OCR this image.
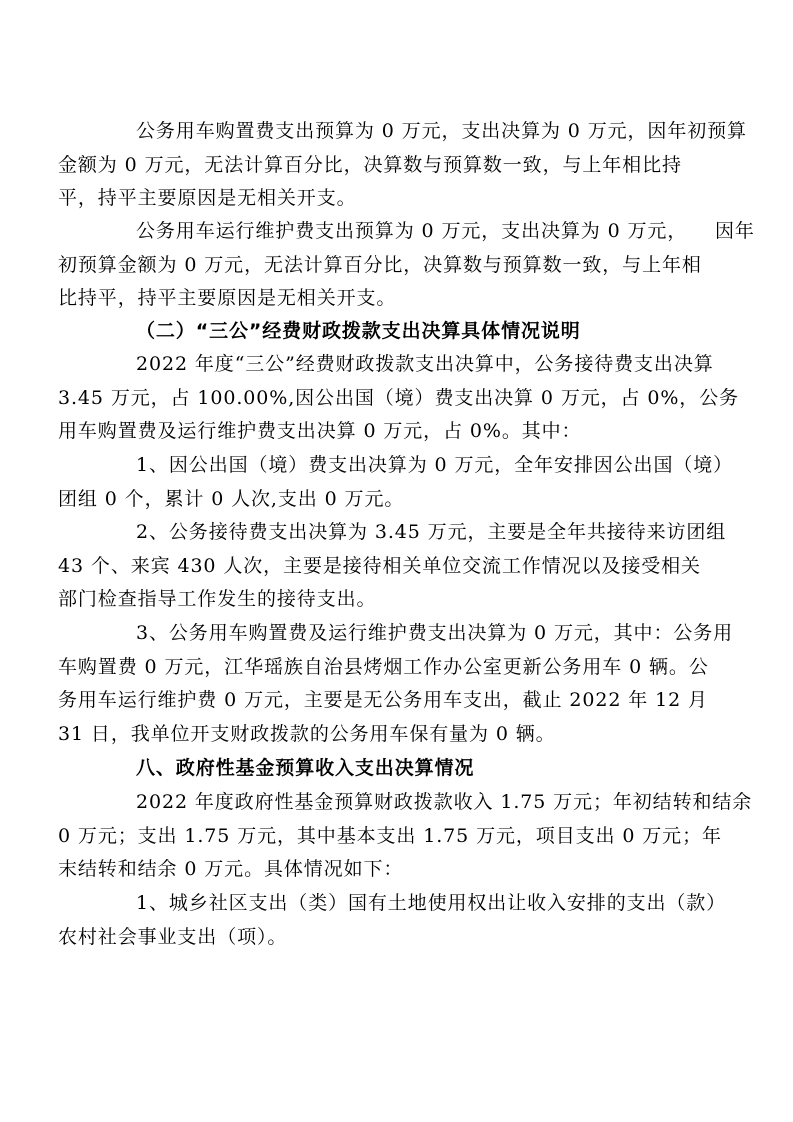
公务用车购置费支出预算为 0 万元，支出决算为 0 万元，因年初预算
金额为 0 万元，无法计算百分比，决算数与预算数一致，与上年相比持
平，持平主要原因是无相关开支。
公务用车运行维护费支出预算为 0 万元，支出决算为 0 万元，    因年
初预算金额为 0 万元，无法计算百分比，决算数与预算数一致，与上年相
比持平，持平主要原因是无相关开支。
（二）“三公”经费财政拨款支出决算具体情况说明
2022 年度“三公”经费财政拨款支出决算中，公务接待费支出决算
3.45 万元，占 100.00%,因公出国（境）费支出决算 0 万元，占 0%，公务
用车购置费及运行维护费支出决算 0 万元，占 0%。其中：
1、因公出国（境）费支出决算为 0 万元，全年安排因公出国（境）
团组 0 个，累计 0 人次,支出 0 万元。
2、公务接待费支出决算为 3.45 万元，主要是全年共接待来访团组
43 个、来宾 430 人次，主要是接待相关单位交流工作情况以及接受相关
部门检查指导工作发生的接待支出。
3、公务用车购置费及运行维护费支出决算为 0 万元，其中：公务用
车购置费 0 万元，江华瑶族自治县烤烟工作办公室更新公务用车 0 辆。公
务用车运行维护费 0 万元，主要是无公务用车支出，截止 2022 年 12 月
31 日，我单位开支财政拨款的公务用车保有量为 0 辆。
八、政府性基金预算收入支出决算情况
2022 年度政府性基金预算财政拨款收入 1.75 万元；年初结转和结余
0 万元；支出 1.75 万元，其中基本支出 1.75 万元，项目支出 0 万元；年
末结转和结余 0 万元。具体情况如下：
1、城乡社区支出（类）国有土地使用权出让收入安排的支出（款）
农村社会事业支出（项）。
